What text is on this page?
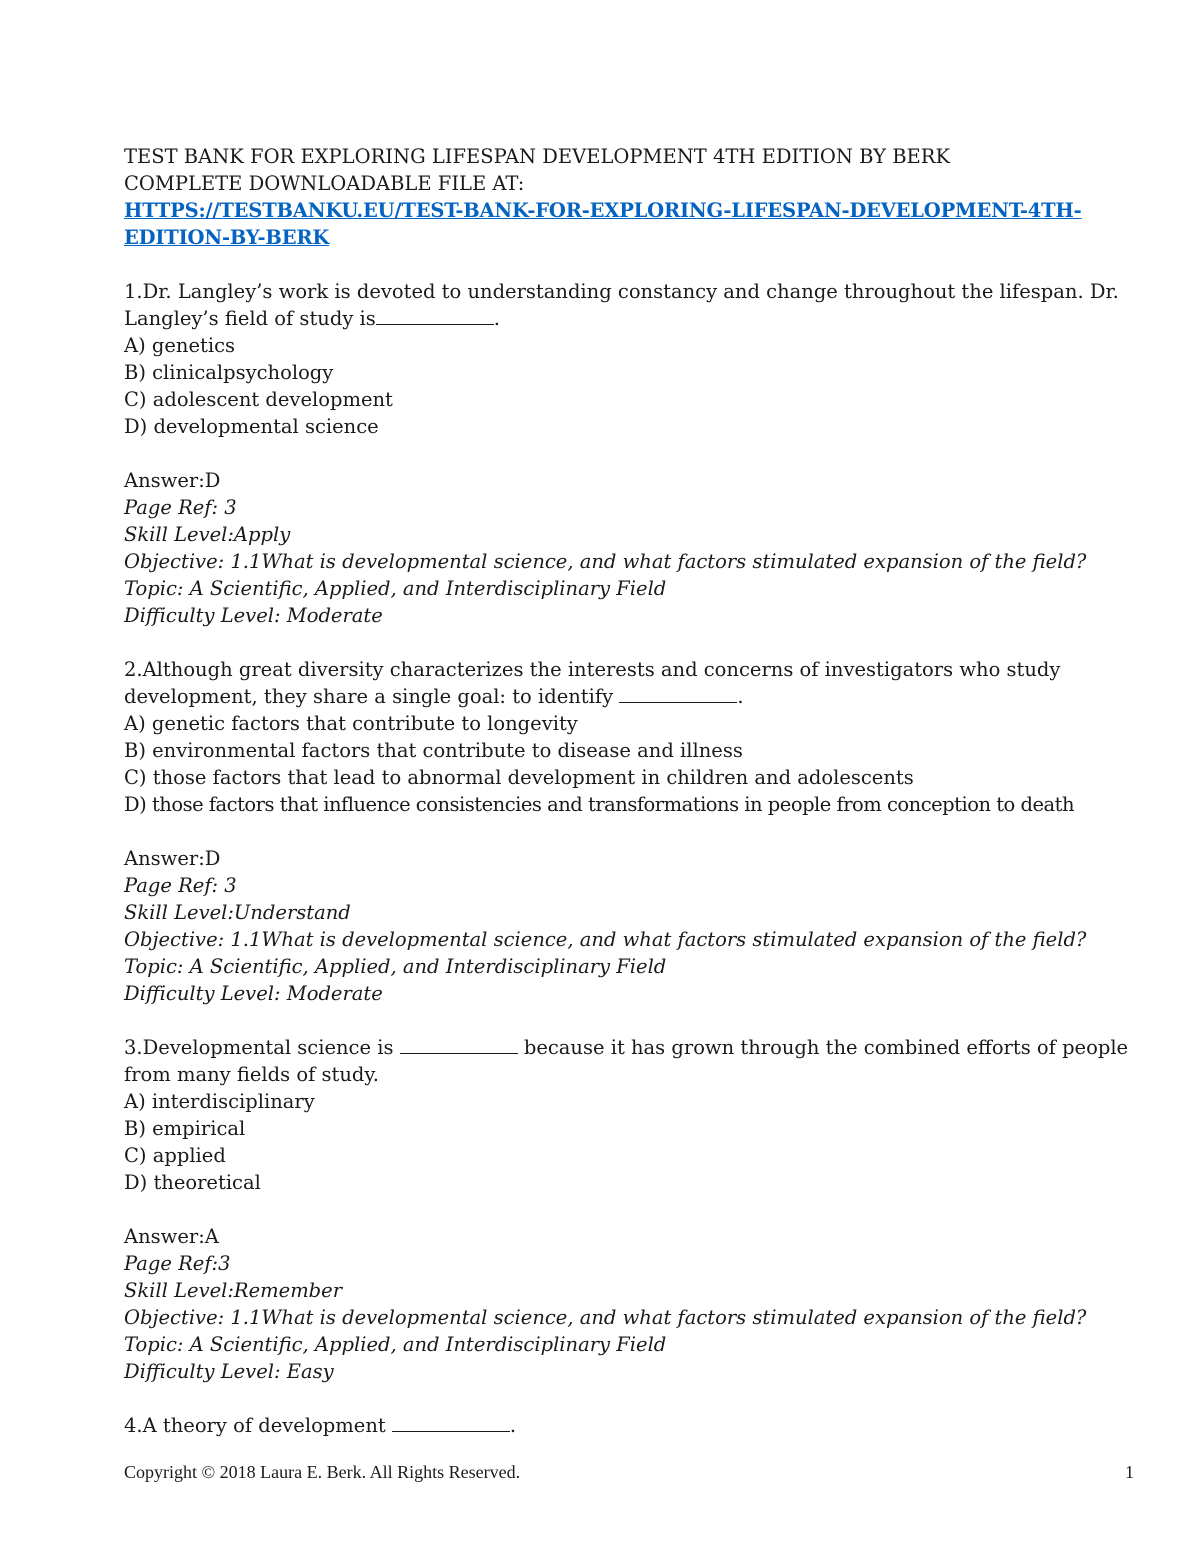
TEST BANK FOR EXPLORING LIFESPAN DEVELOPMENT 4TH EDITION BY BERK
COMPLETE DOWNLOADABLE FILE AT:
HTTPS://TESTBANKU.EU/TEST-BANK-FOR-EXPLORING-LIFESPAN-DEVELOPMENT-4TH-
EDITION-BY-BERK
1.Dr. Langley’s work is devoted to understanding constancy and change throughout the lifespan. Dr.
Langley’s field of study is	.
A) genetics
B) clinicalpsychology
C) adolescent development
D) developmental science
Answer:D
Page Ref: 3
Skill Level:Apply
Objective: 1.1What is developmental science, and what factors stimulated expansion of the field?
Topic: A Scientific, Applied, and Interdisciplinary Field
Difficulty Level: Moderate
2.Although great diversity characterizes the interests and concerns of investigators who study
development, they share a single goal: to identify	.
A) genetic factors that contribute to longevity
B) environmental factors that contribute to disease and illness
C) those factors that lead to abnormal development in children and adolescents
D) those factors that influence consistencies and transformations in people from conception to death
Answer:D
Page Ref: 3
Skill Level:Understand
Objective: 1.1What is developmental science, and what factors stimulated expansion of the field?
Topic: A Scientific, Applied, and Interdisciplinary Field
Difficulty Level: Moderate
3.Developmental science is	because it has grown through the combined efforts of people
from many fields of study.
A) interdisciplinary
B) empirical
C) applied
D) theoretical
Answer:A
Page Ref:3
Skill Level:Remember
Objective: 1.1What is developmental science, and what factors stimulated expansion of the field?
Topic: A Scientific, Applied, and Interdisciplinary Field
Difficulty Level: Easy
4.A theory of development	.
Copyright © 2018 Laura E. Berk. All Rights Reserved.	1
